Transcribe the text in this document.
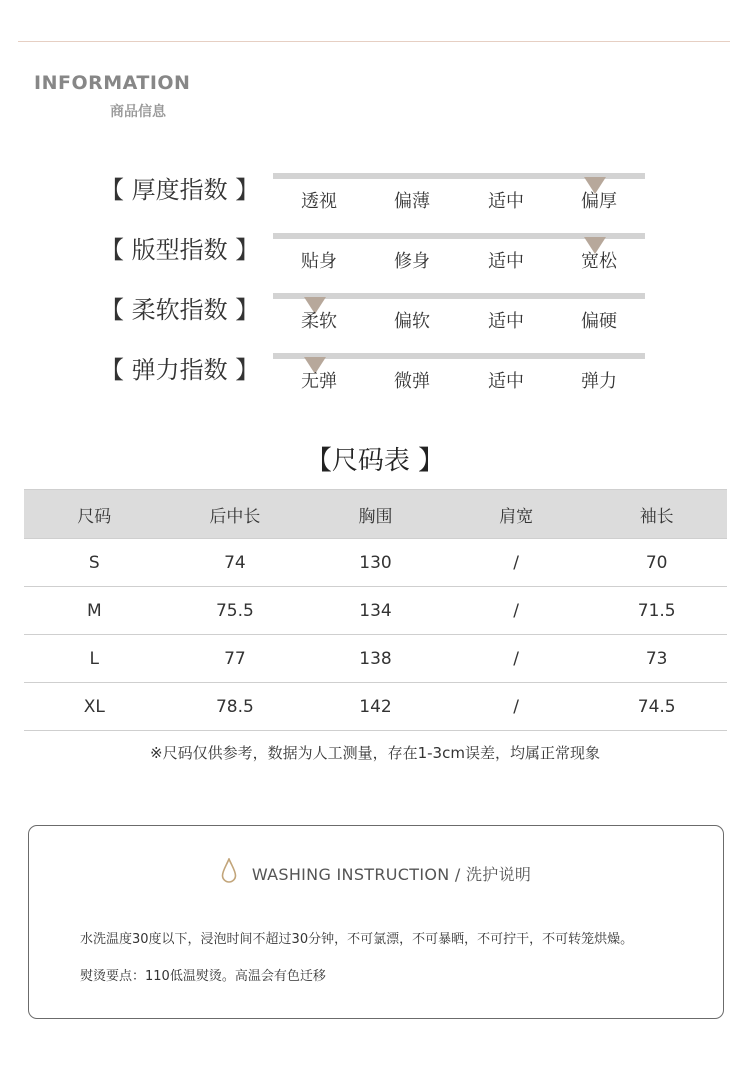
INFORMATION
商品信息
【 厚度指数 】	透视	偏薄	适中	偏厚
【 版型指数 】	贴身	修身	适中	宽松
【 柔软指数 】	柔软	偏软	适中	偏硬
【 弹力指数 】	无弹	微弹	适中	弹力
【尺码表 】
尺码	后中长	胸围	肩宽	袖长
S	74	130	/	70
M	75.5	134	/	71.5
L	77	138	/	73
XL	78.5	142	/	74.5
※尺码仅供参考，数据为人工测量，存在1-3cm误差，均属正常现象
WASHING INSTRUCTION / 洗护说明
水洗温度30度以下，浸泡时间不超过30分钟，不可氯漂，不可暴晒，不可拧干，不可转笼烘燥。
熨烫要点：110低温熨烫。高温会有色迁移
